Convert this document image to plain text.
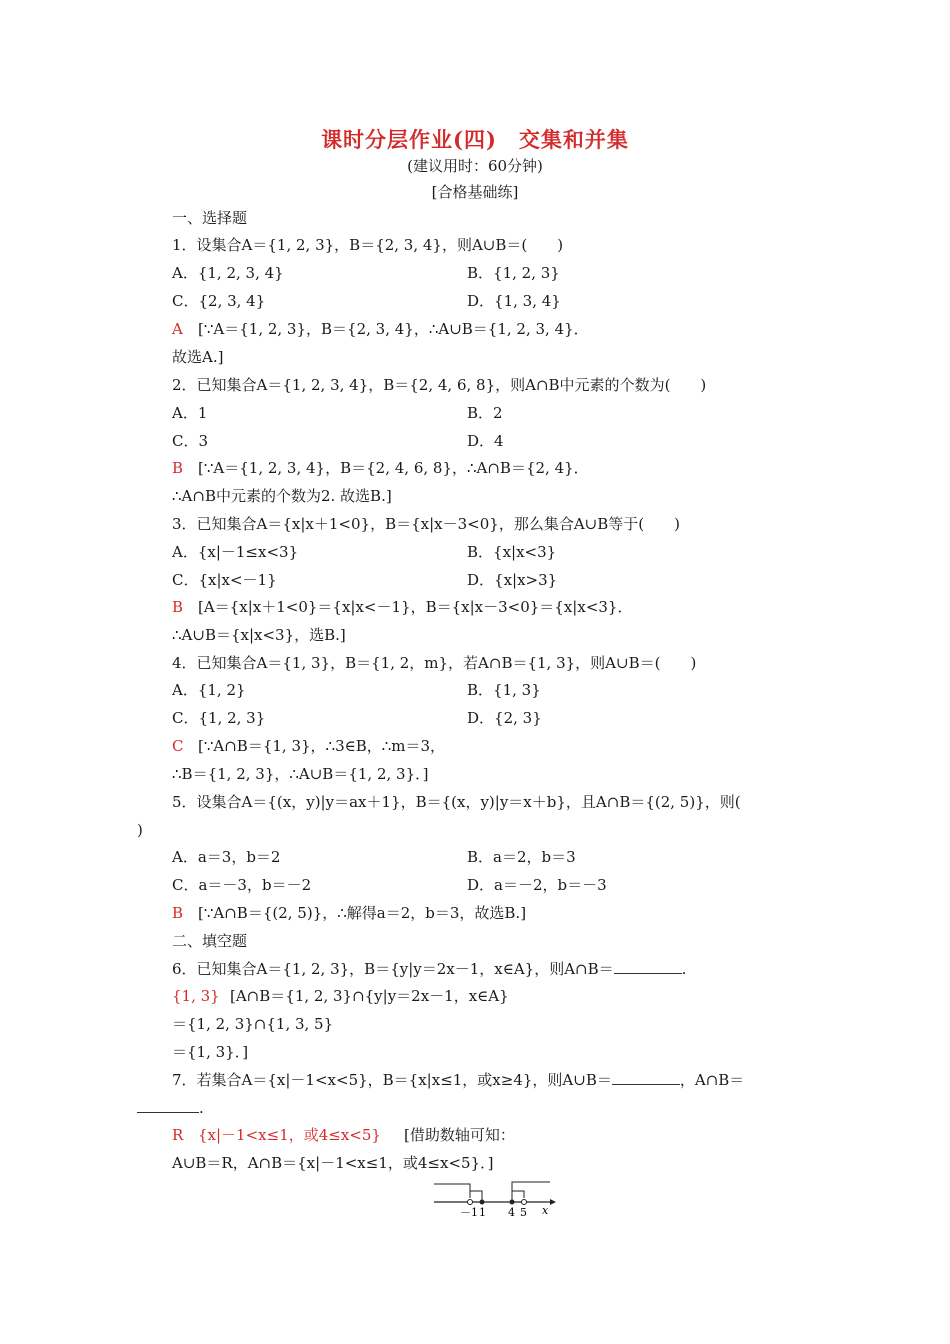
课时分层作业(四)　交集和并集
(建议用时：60分钟)
[合格基础练]
一、选择题
1．设集合A＝{1, 2, 3}，B＝{2, 3, 4}，则A∪B＝(　　)
A．{1, 2, 3, 4}	B．{1, 2, 3}
C．{2, 3, 4}	D．{1, 3, 4}
A [∵A＝{1, 2, 3}，B＝{2, 3, 4}，∴A∪B＝{1, 2, 3, 4}．
故选A.]
2．已知集合A＝{1, 2, 3, 4}，B＝{2, 4, 6, 8}，则A∩B中元素的个数为(　　)
A．1	B．2
C．3	D．4
B [∵A＝{1, 2, 3, 4}，B＝{2, 4, 6, 8}，∴A∩B＝{2, 4}．
∴A∩B中元素的个数为2. 故选B.]
3．已知集合A＝{x|x＋1<0}，B＝{x|x－3<0}，那么集合A∪B等于(　　)
A．{x|－1≤x<3}	B．{x|x<3}
C．{x|x<－1}	D．{x|x>3}
B [A＝{x|x＋1<0}＝{x|x<－1}，B＝{x|x－3<0}＝{x|x<3}．
∴A∪B＝{x|x<3}，选B.]
4．已知集合A＝{1, 3}，B＝{1, 2，m}，若A∩B＝{1, 3}，则A∪B＝(　　)
A．{1, 2}	B．{1, 3}
C．{1, 2, 3}	D．{2, 3}
C [∵A∩B＝{1, 3}，∴3∈B，∴m＝3，
∴B＝{1, 2, 3}，∴A∪B＝{1, 2, 3}．]
5．设集合A＝{(x，y)|y＝ax＋1}，B＝{(x，y)|y＝x＋b}，且A∩B＝{(2, 5)}，则(
)
A．a＝3，b＝2	B．a＝2，b＝3
C．a＝－3，b＝－2	D．a＝－2，b＝－3
B [∵A∩B＝{(2, 5)}，∴解得a＝2，b＝3，故选B.]
二、填空题
6．已知集合A＝{1, 2, 3}，B＝{y|y＝2x－1，x∈A}，则A∩B＝	.
{1, 3} [A∩B＝{1, 2, 3}∩{y|y＝2x－1，x∈A}
＝{1, 2, 3}∩{1, 3, 5}
＝{1, 3}．]
7．若集合A＝{x|－1<x<5}，B＝{x|x≤1，或x≥4}，则A∪B＝	，A∩B＝
.
R {x|－1<x≤1，或4≤x<5} [借助数轴可知：
A∪B＝R，A∩B＝{x|－1<x≤1，或4≤x<5}．]
－1 1 4 5 x
